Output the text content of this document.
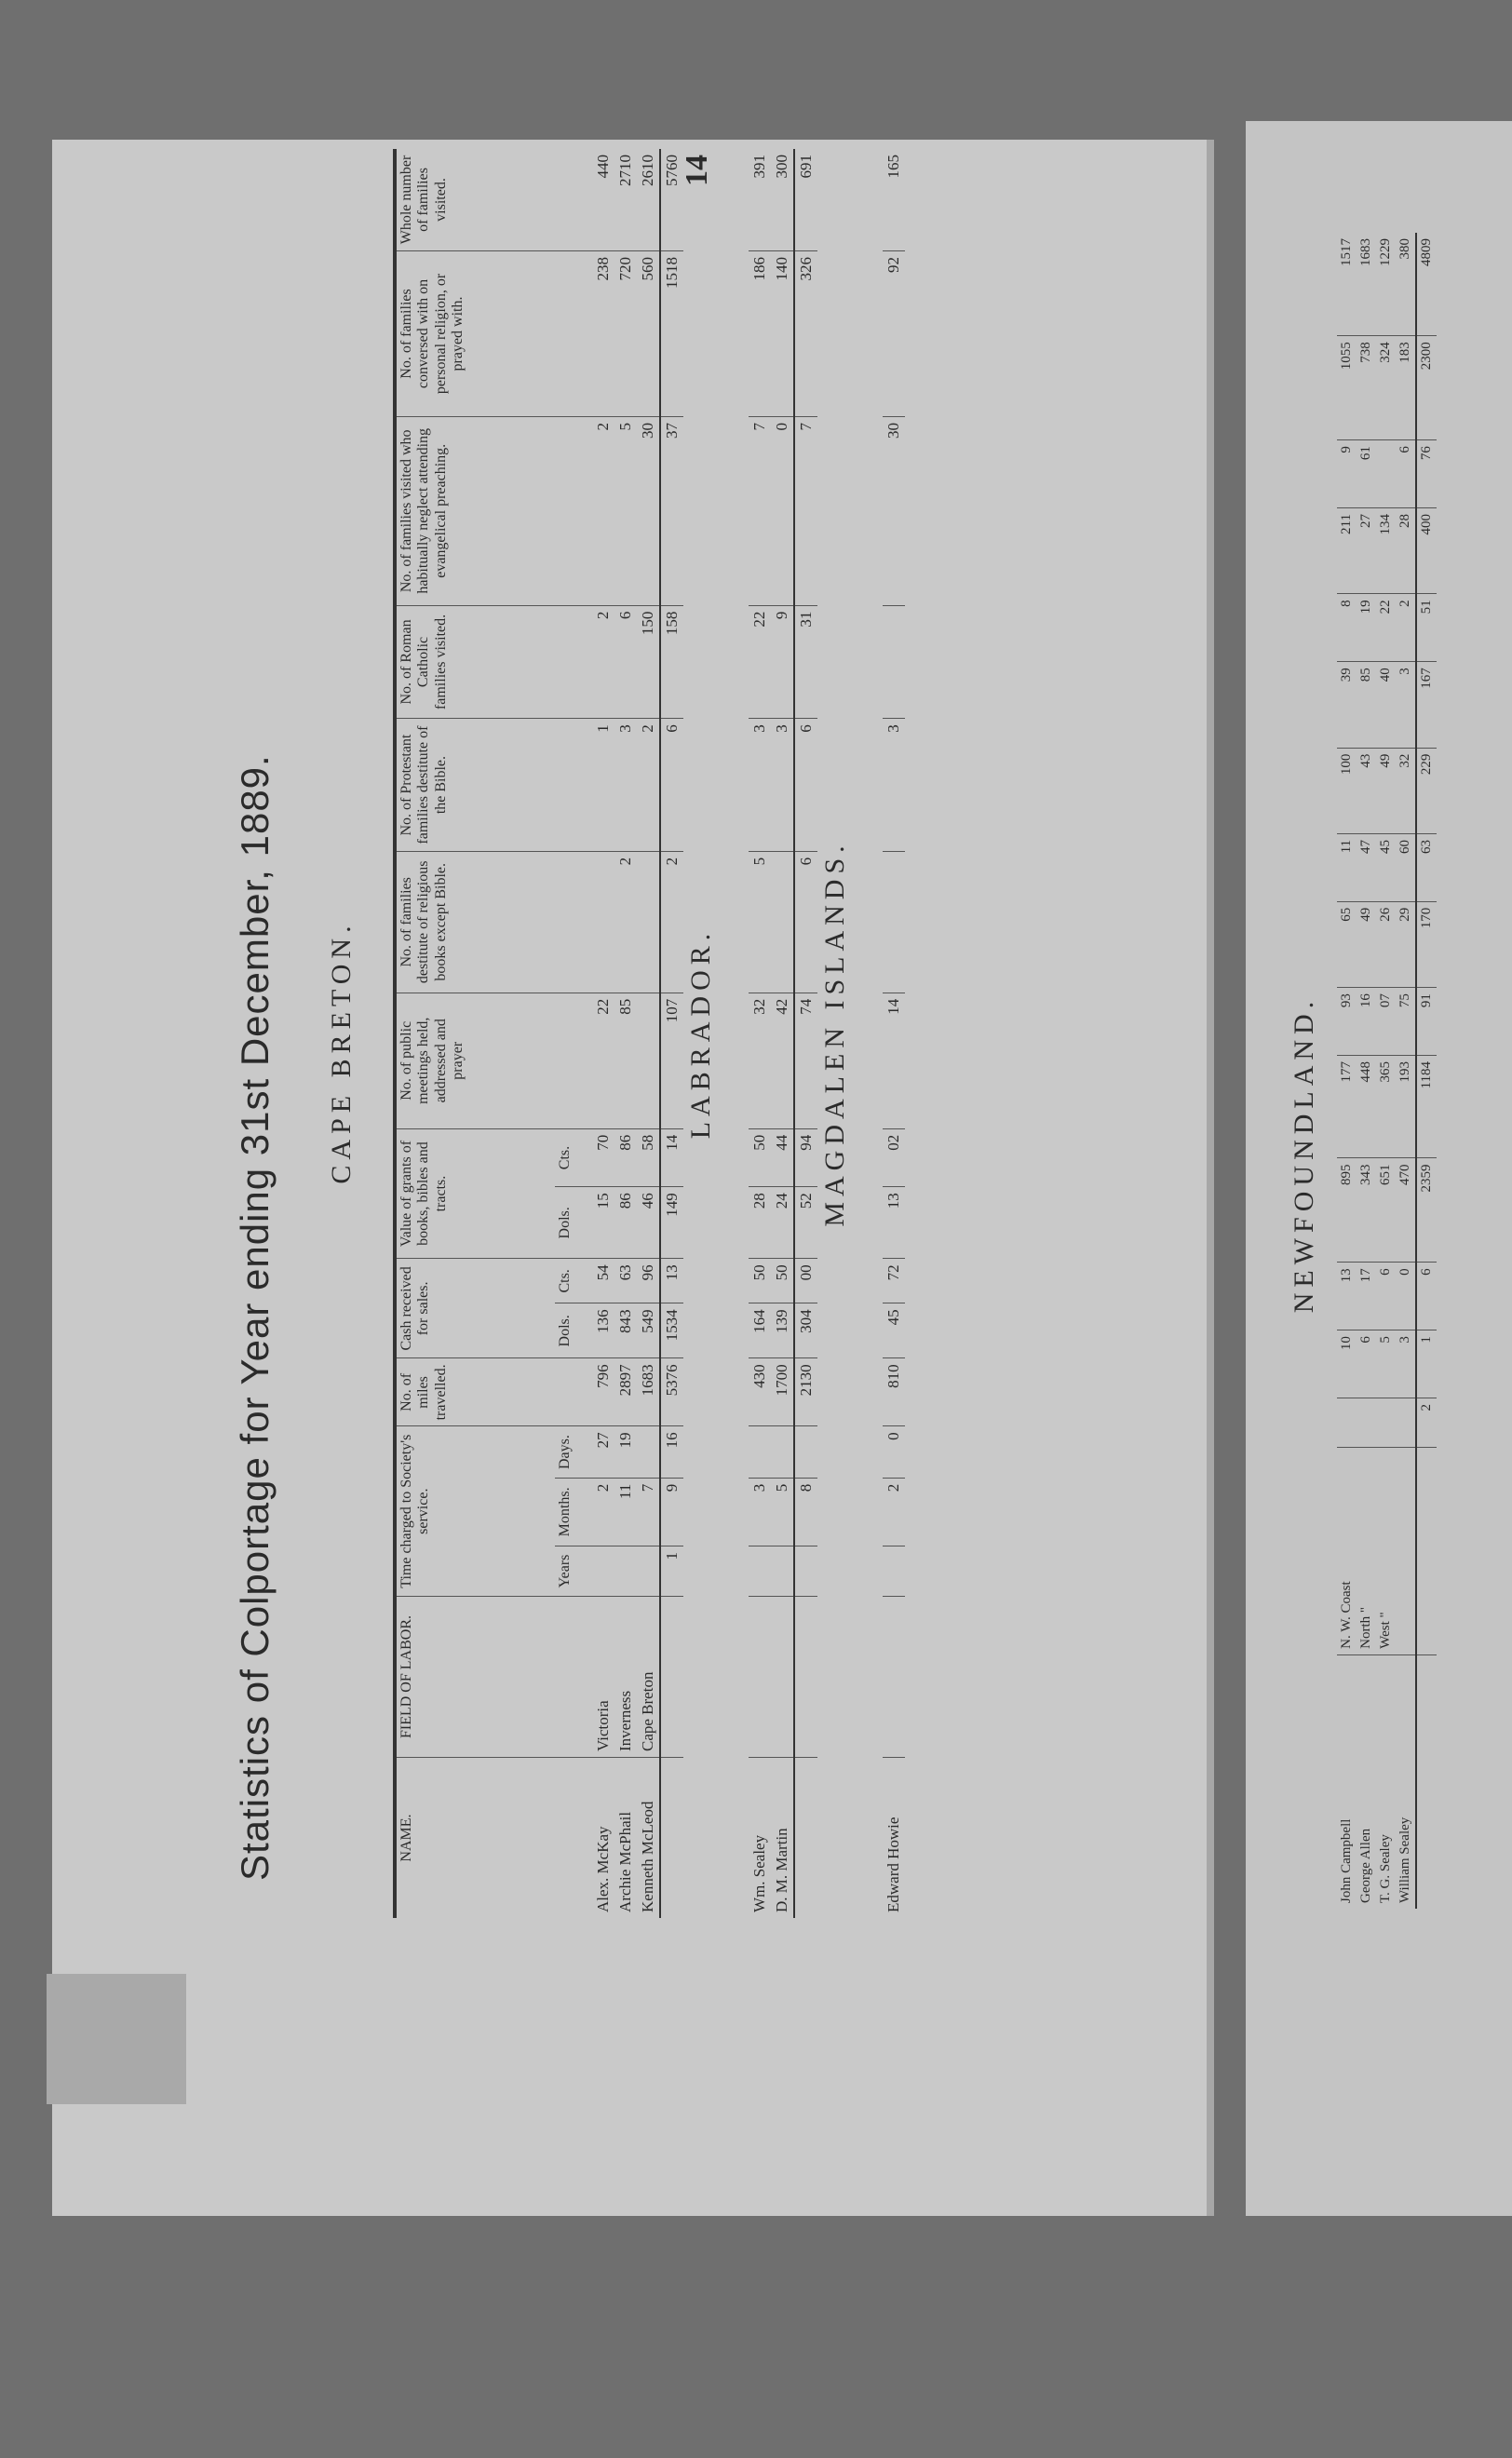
14
Statistics of Colportage for Year ending 31st December, 1889. CAPE BRETON.
NAME.	FIELD OF LABOR.	Time charged to Society's service.			No. of miles travelled.	Cash received for sales.		Value of grants of books, bibles and tracts.		No. of public meetings held, addressed and prayer	No. of families destitute of religious books except Bible.	No. of Protestant families destitute of the Bible.	No. of Roman Catholic families visited.	No. of families visited who habitually neglect attending evangelical preaching.	No. of families conversed with on personal religion, or prayed with.	Whole number of families visited.
		Years	Months.	Days.		Dols.	Cts.	Dols.	Cts.							
Alex. McKay	Victoria		2	27	796	136	54	15	70	22		1	2	2	238	440
Archie McPhail	Inverness		11	19	2897	843	63	86	86	85	2	3	6	5	720	2710
Kenneth McLeod	Cape Breton		7		1683	549	96	46	58			2	150	30	560	2610
		1	9	16	5376	1534	13	149	14	107	2	6	158	37	1518	5760
LABRADOR.																
Wm. Sealey			3		430	164	50	28	50	32	5	3	22	7	186	391
D. M. Martin			5		1700	139	50	24	44	42		3	9	0	140	300
			8		2130	304	00	52	94	74	6	6	31	7	326	691
MAGDALEN ISLANDS.																
Edward Howie			2	0	810	45	72	13	02	14		3		30	92	165
NEWFOUNDLAND.
John Campbell	N. W. Coast		10	13	895	177	93	65	11	100	39	8	211	9	1055	1517
George Allen	North "		6	17	343	448	16	49	47	43	85	19	27	61	738	1683
T. G. Sealey	West "		5	6	651	365	07	26	45	49	40	22	134		324	1229
William Sealey			3	0	470	193	75	29	60	32	3	2	28	6	183	380
		2	1	6	2359	1184	91	170	63	229	167	51	400	76	2300	4809
